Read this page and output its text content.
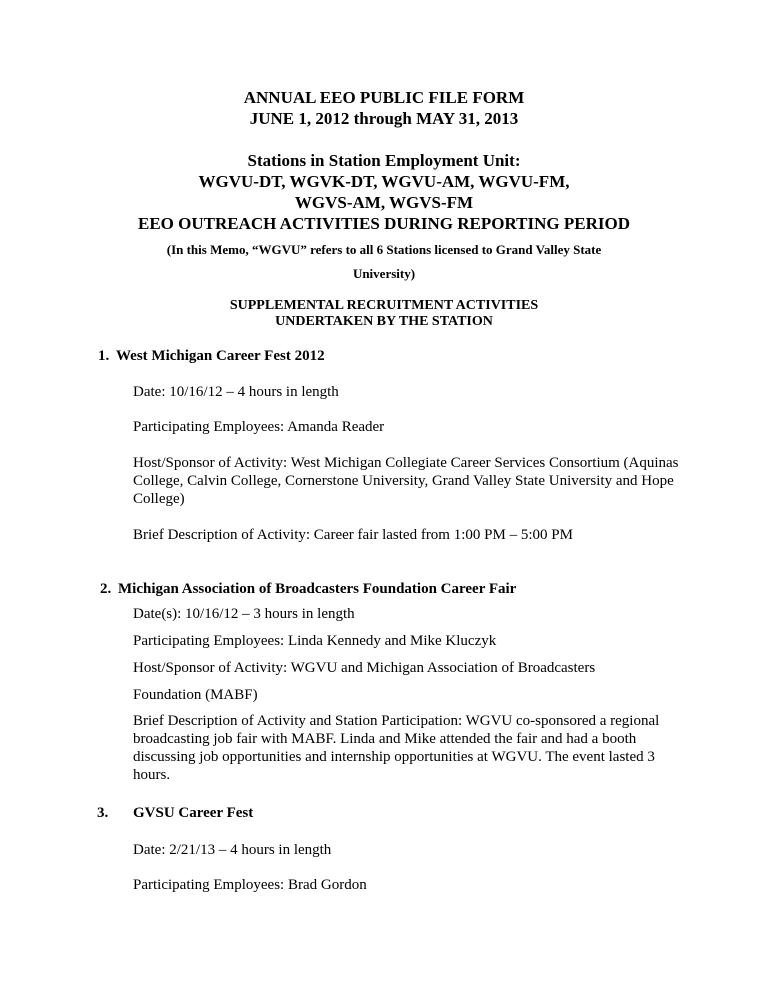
ANNUAL EEO PUBLIC FILE FORM
JUNE 1, 2012 through MAY 31, 2013
Stations in Station Employment Unit:
WGVU-DT, WGVK-DT, WGVU-AM, WGVU-FM,
WGVS-AM, WGVS-FM
EEO OUTREACH ACTIVITIES DURING REPORTING PERIOD
(In this Memo, “WGVU” refers to all 6 Stations licensed to Grand Valley State
University)
SUPPLEMENTAL RECRUITMENT ACTIVITIES
UNDERTAKEN BY THE STATION
1. West Michigan Career Fest 2012
Date: 10/16/12 – 4 hours in length
Participating Employees: Amanda Reader
Host/Sponsor of Activity: West Michigan Collegiate Career Services Consortium (Aquinas College, Calvin College, Cornerstone University, Grand Valley State University and Hope College)
Brief Description of Activity: Career fair lasted from 1:00 PM – 5:00 PM
2. Michigan Association of Broadcasters Foundation Career Fair
Date(s): 10/16/12 – 3 hours in length
Participating Employees: Linda Kennedy and Mike Kluczyk
Host/Sponsor of Activity: WGVU and Michigan Association of Broadcasters
Foundation (MABF)
Brief Description of Activity and Station Participation: WGVU co-sponsored a regional broadcasting job fair with MABF. Linda and Mike attended the fair and had a booth discussing job opportunities and internship opportunities at WGVU. The event lasted 3 hours.
3. GVSU Career Fest
Date: 2/21/13 – 4 hours in length
Participating Employees: Brad Gordon
